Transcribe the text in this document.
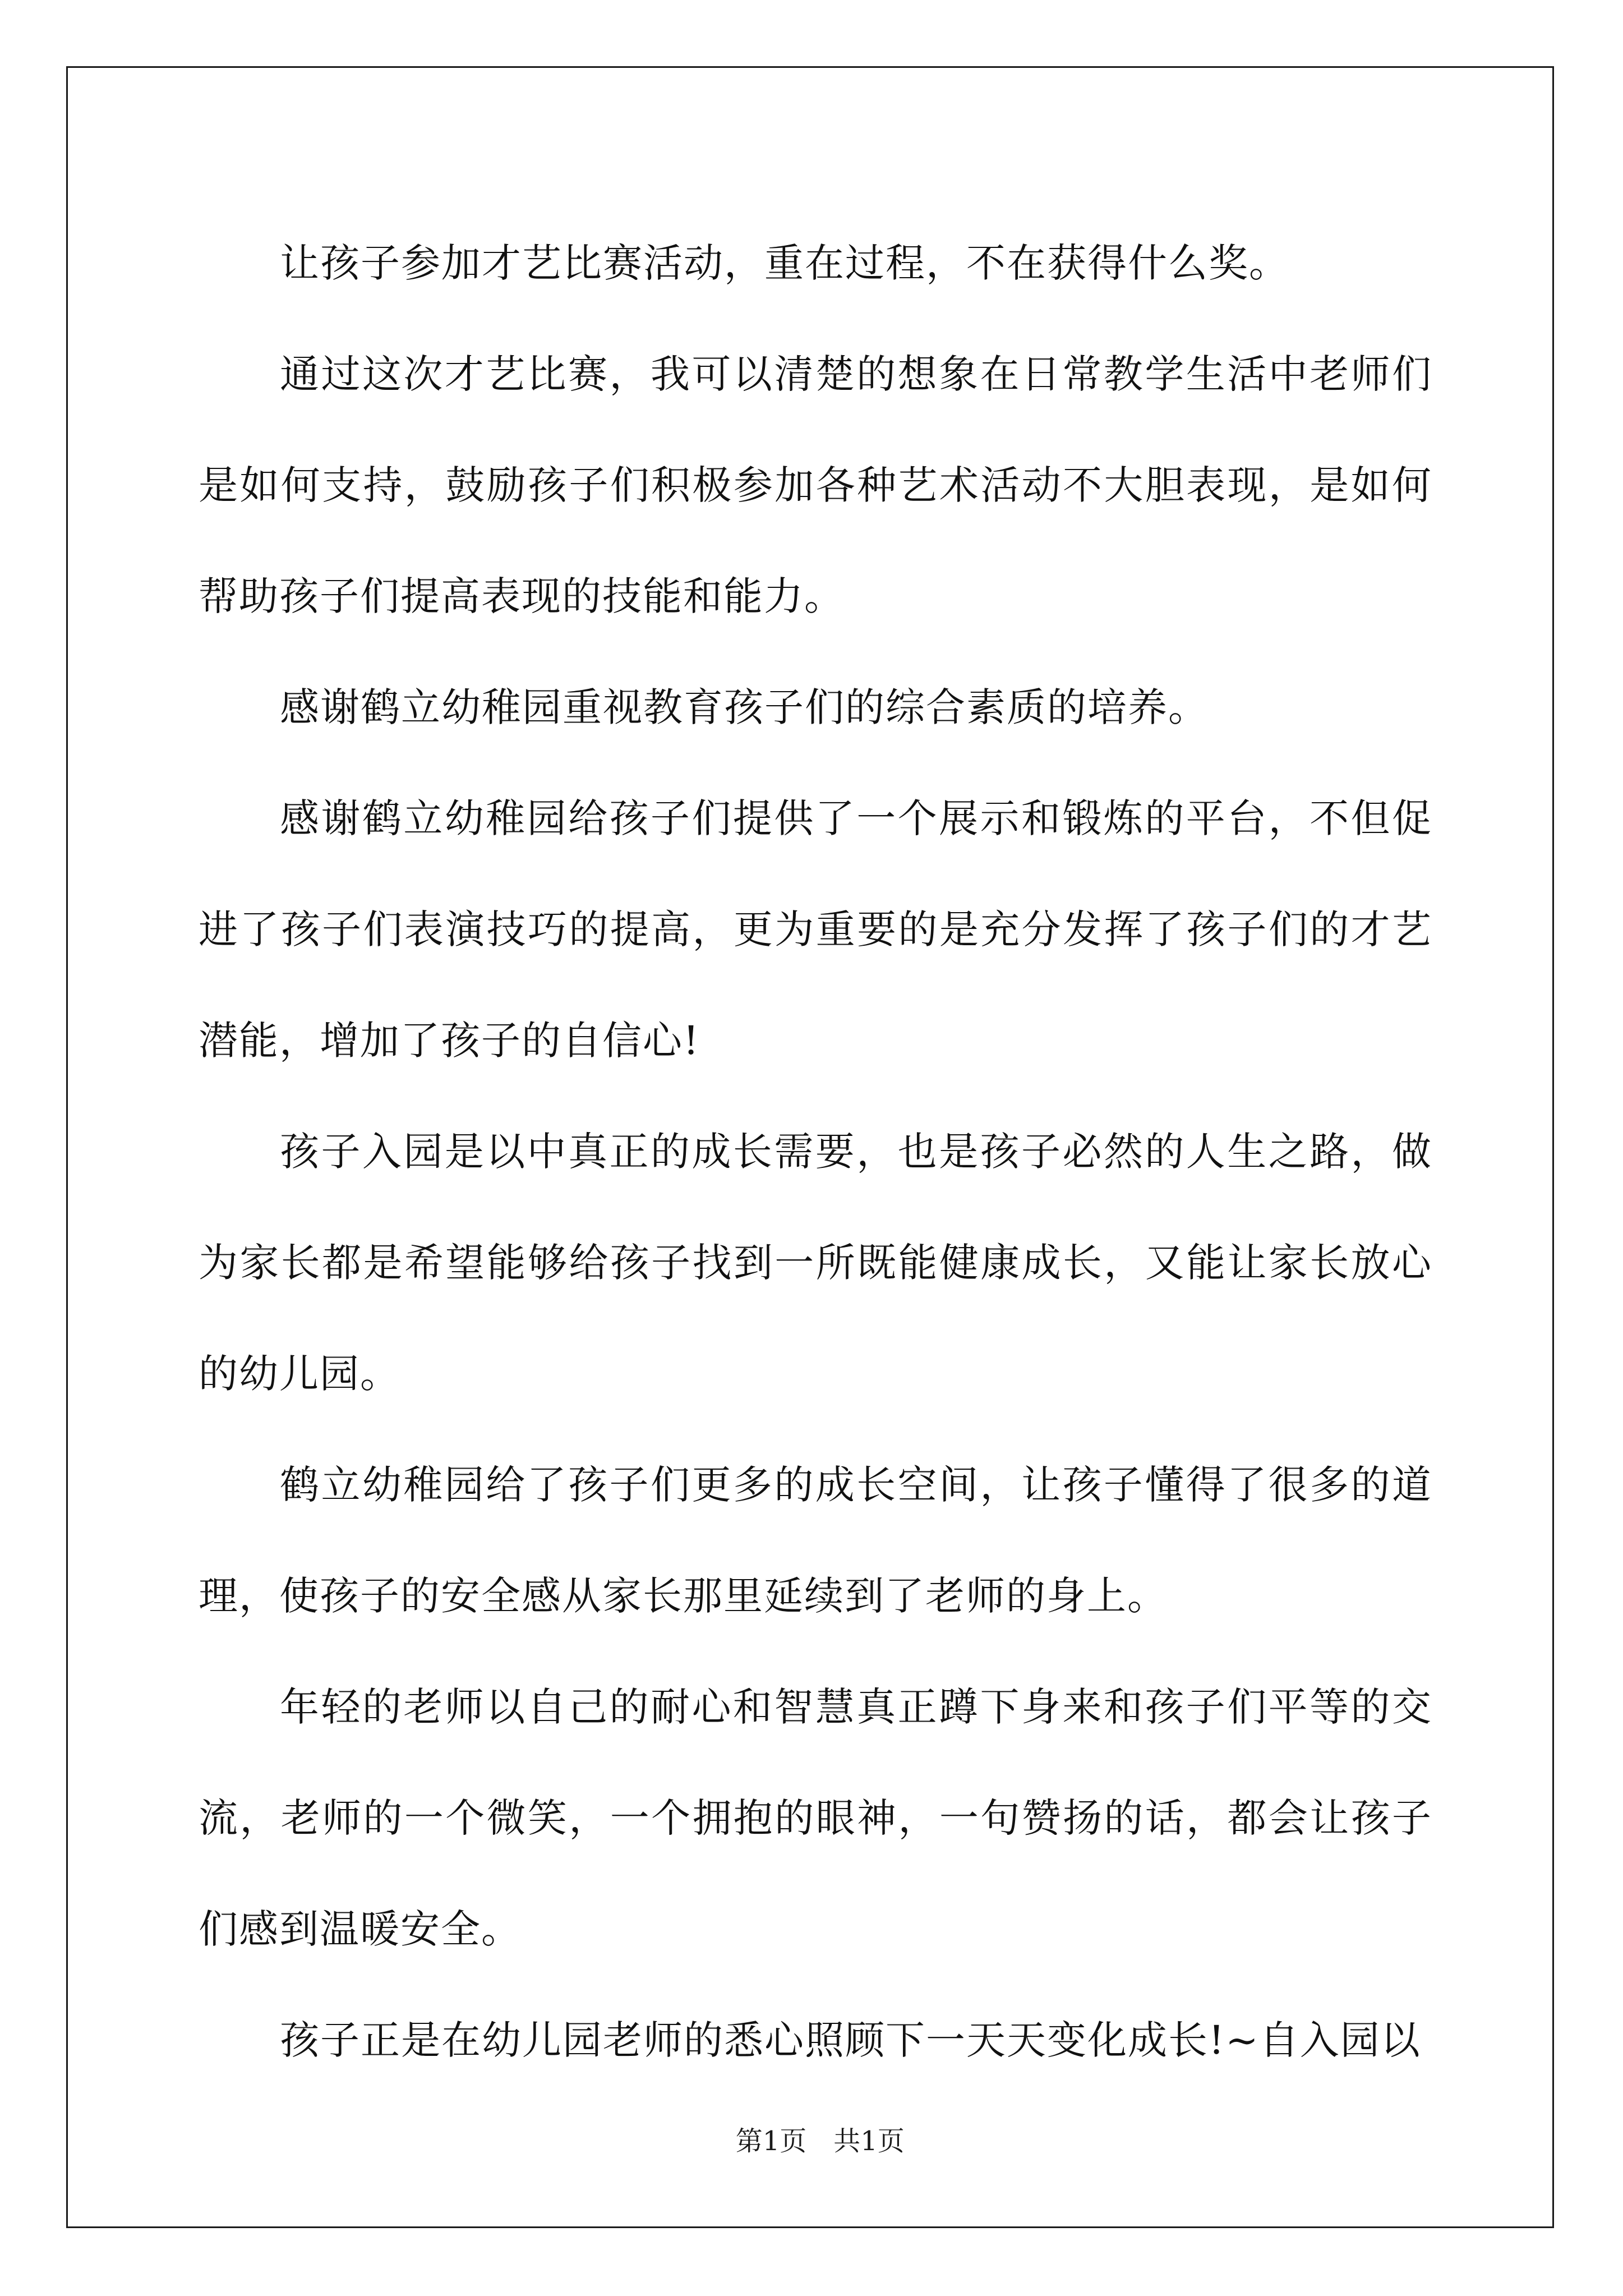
让孩子参加才艺比赛活动，重在过程，不在获得什么奖。

通过这次才艺比赛，我可以清楚的想象在日常教学生活中老师们是如何支持，鼓励孩子们积极参加各种艺术活动不大胆表现，是如何帮助孩子们提高表现的技能和能力。

感谢鹤立幼稚园重视教育孩子们的综合素质的培养。

感谢鹤立幼稚园给孩子们提供了一个展示和锻炼的平台，不但促进了孩子们表演技巧的提高，更为重要的是充分发挥了孩子们的才艺潜能，增加了孩子的自信心!

孩子入园是以中真正的成长需要，也是孩子必然的人生之路，做为家长都是希望能够给孩子找到一所既能健康成长，又能让家长放心的幼儿园。

鹤立幼稚园给了孩子们更多的成长空间，让孩子懂得了很多的道理，使孩子的安全感从家长那里延续到了老师的身上。

年轻的老师以自己的耐心和智慧真正蹲下身来和孩子们平等的交流，老师的一个微笑，一个拥抱的眼神，一句赞扬的话，都会让孩子们感到温暖安全。

孩子正是在幼儿园老师的悉心照顾下一天天变化成长!~自入园以

第1页　共1页
